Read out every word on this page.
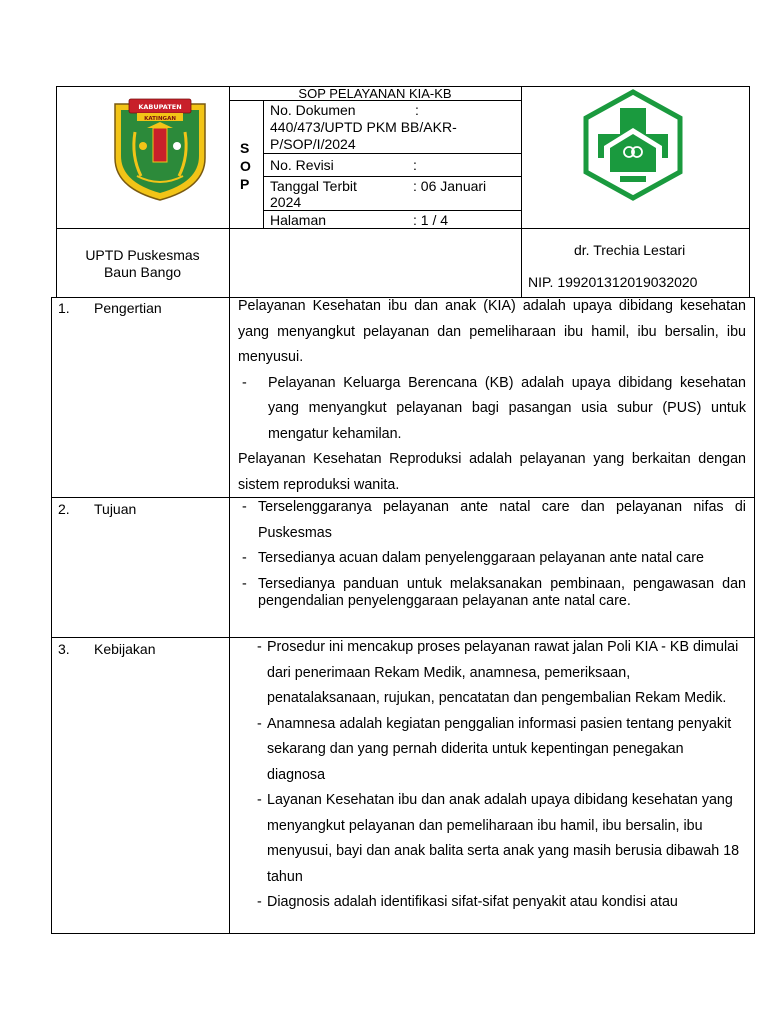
SOP PELAYANAN KIA-KB
S
O
P
No. Dokumen	:
440/473/UPTD PKM BB/AKR-
P/SOP/I/2024
No. Revisi	:
Tanggal Terbit	: 06 Januari
2024
Halaman	: 1 / 4
UPTD Puskesmas
Baun Bango
dr. Trechia Lestari
NIP. 199201312019032020
KABUPATEN
KATINGAN
1. Pengertian	Pelayanan Kesehatan ibu dan anak (KIA) adalah upaya dibidang kesehatan yang menyangkut pelayanan dan pemeliharaan ibu hamil, ibu bersalin, ibu menyusui.

-	Pelayanan Keluarga Berencana (KB) adalah upaya dibidang kesehatan yang menyangkut pelayanan bagi pasangan usia subur (PUS) untuk mengatur kehamilan.

Pelayanan Kesehatan Reproduksi adalah pelayanan yang berkaitan dengan sistem reproduksi wanita.

2. Tujuan	- Terselenggaranya pelayanan ante natal care dan pelayanan nifas di Puskesmas
- Tersedianya acuan dalam penyelenggaraan pelayanan ante natal care
- Tersedianya panduan untuk melaksanakan pembinaan, pengawasan dan pengendalian penyelenggaraan pelayanan ante natal care.
3. Kebijakan	- Prosedur ini mencakup proses pelayanan rawat jalan Poli KIA - KB dimulai dari penerimaan Rekam Medik, anamnesa, pemeriksaan, penatalaksanaan, rujukan, pencatatan dan pengembalian Rekam Medik.
- Anamnesa adalah kegiatan penggalian informasi pasien tentang penyakit sekarang dan yang pernah diderita untuk kepentingan penegakan diagnosa
- Layanan Kesehatan ibu dan anak adalah upaya dibidang kesehatan yang menyangkut pelayanan dan pemeliharaan ibu hamil, ibu bersalin, ibu menyusui, bayi dan anak balita serta anak yang masih berusia dibawah 18 tahun
- Diagnosis adalah identifikasi sifat-sifat penyakit atau kondisi atau
